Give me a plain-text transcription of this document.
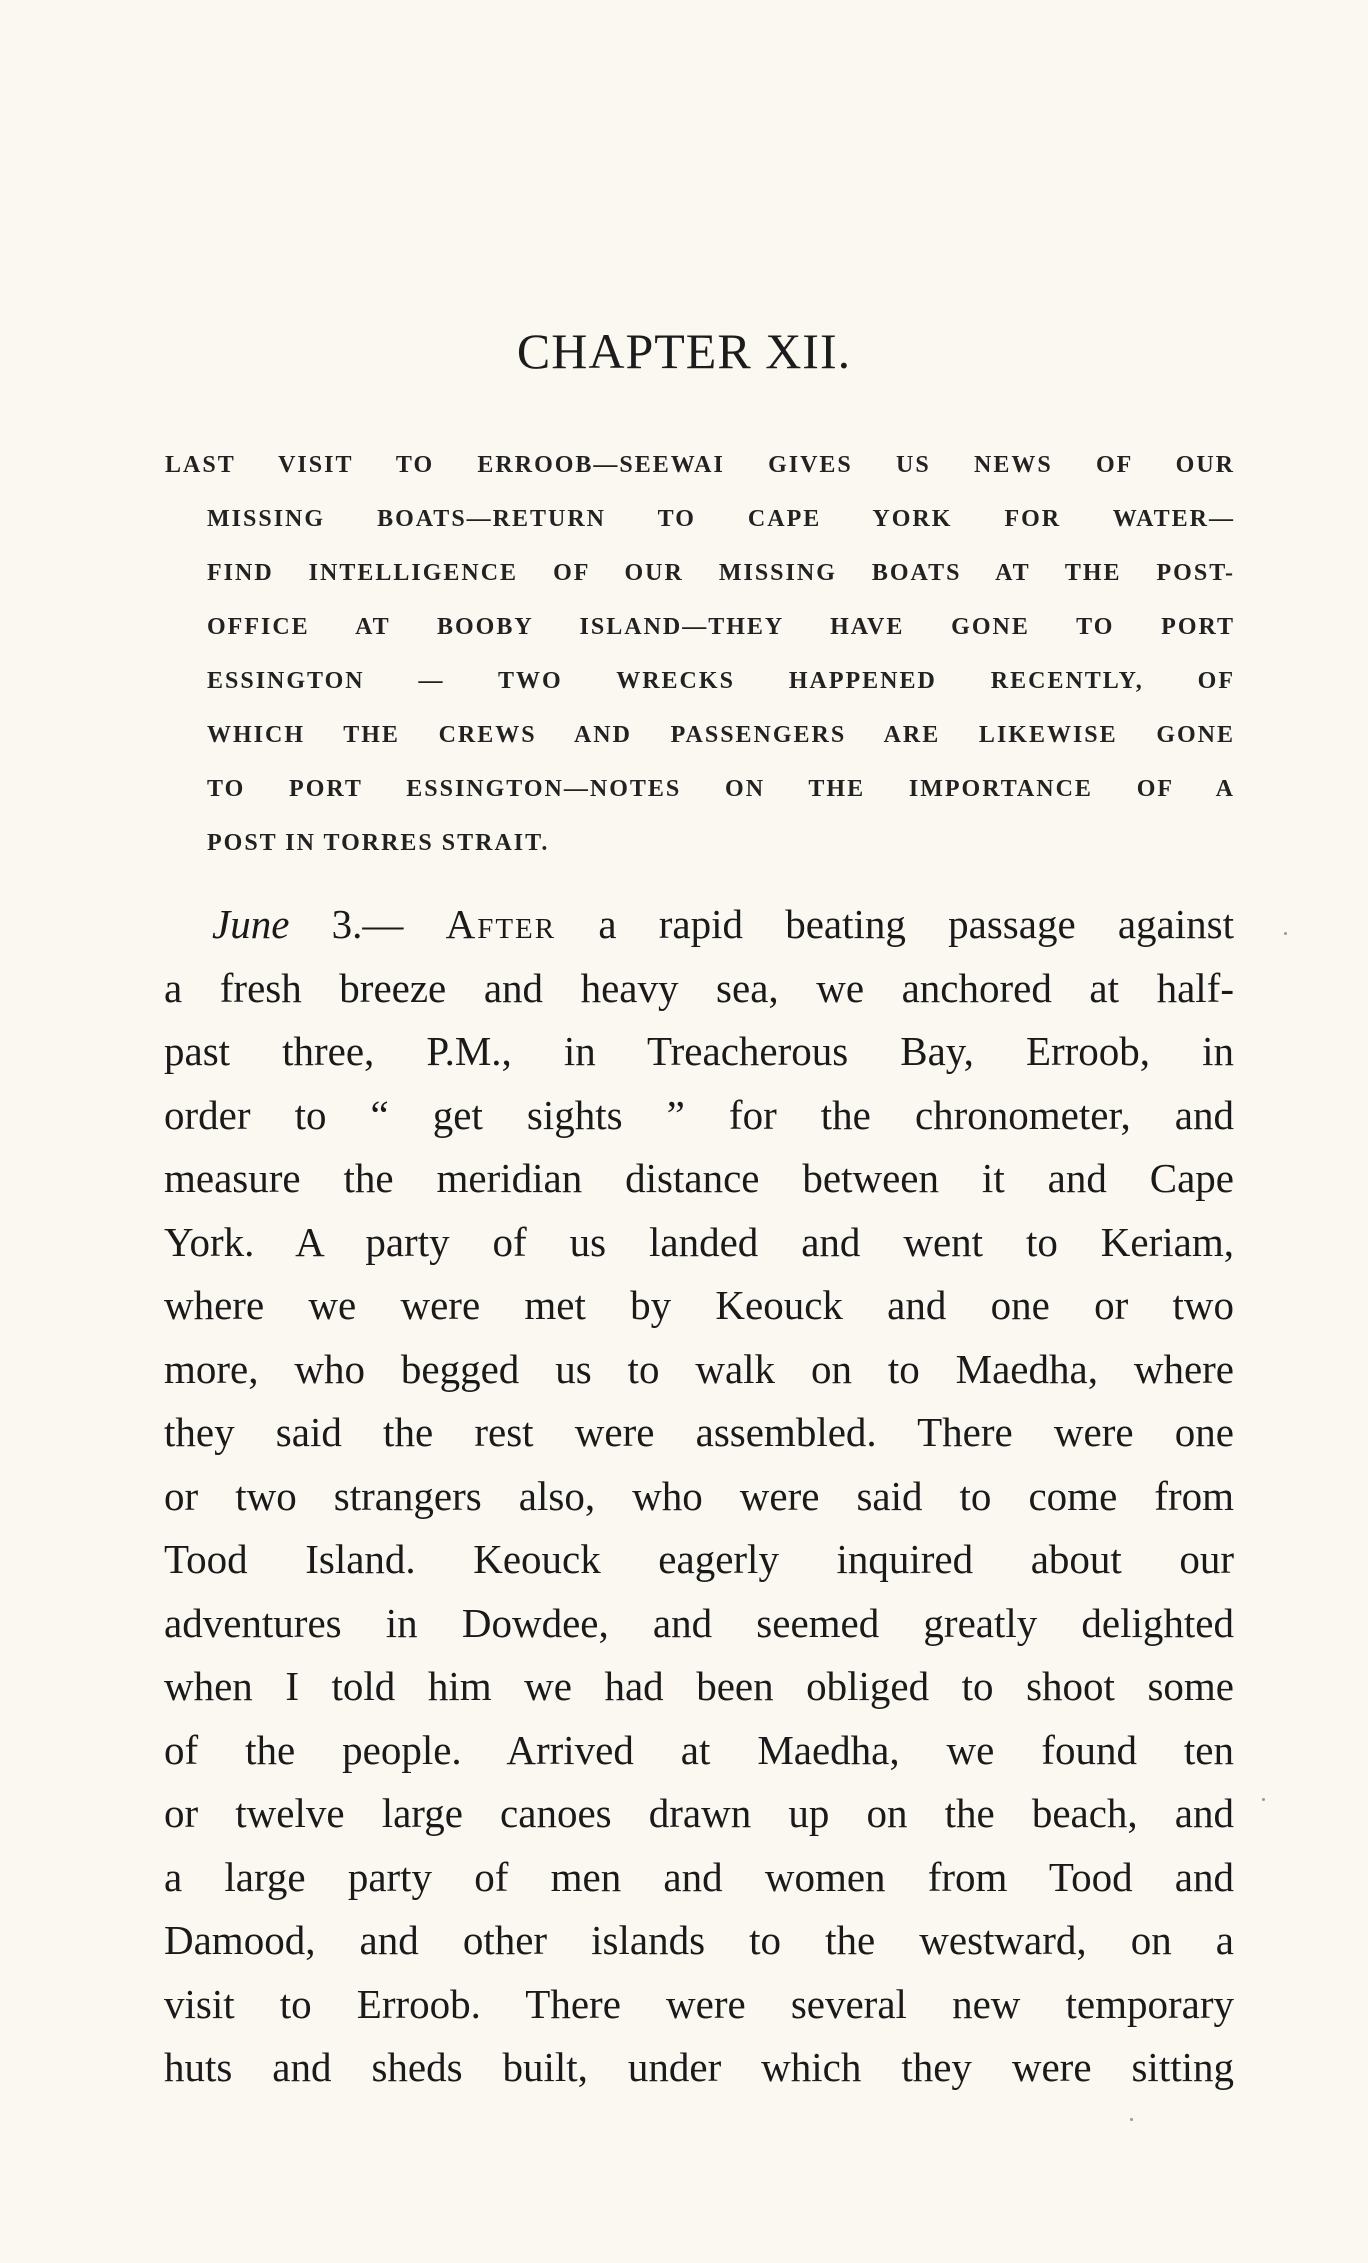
CHAPTER XII.
LAST VISIT TO ERROOB—SEEWAI GIVES US NEWS OF OUR
MISSING BOATS—RETURN TO CAPE YORK FOR WATER—
FIND INTELLIGENCE OF OUR MISSING BOATS AT THE POST-
OFFICE AT BOOBY ISLAND—THEY HAVE GONE TO PORT
ESSINGTON — TWO WRECKS HAPPENED RECENTLY, OF
WHICH THE CREWS AND PASSENGERS ARE LIKEWISE GONE
TO PORT ESSINGTON—NOTES ON THE IMPORTANCE OF A
POST IN TORRES STRAIT.
June 3.— After a rapid beating passage against
a fresh breeze and heavy sea, we anchored at half-
past three, P.M., in Treacherous Bay, Erroob, in
order to “ get sights ” for the chronometer, and
measure the meridian distance between it and Cape
York. A party of us landed and went to Keriam,
where we were met by Keouck and one or two
more, who begged us to walk on to Maedha, where
they said the rest were assembled. There were one
or two strangers also, who were said to come from
Tood Island. Keouck eagerly inquired about our
adventures in Dowdee, and seemed greatly delighted
when I told him we had been obliged to shoot some
of the people. Arrived at Maedha, we found ten
or twelve large canoes drawn up on the beach, and
a large party of men and women from Tood and
Damood, and other islands to the westward, on a
visit to Erroob. There were several new temporary
huts and sheds built, under which they were sitting
